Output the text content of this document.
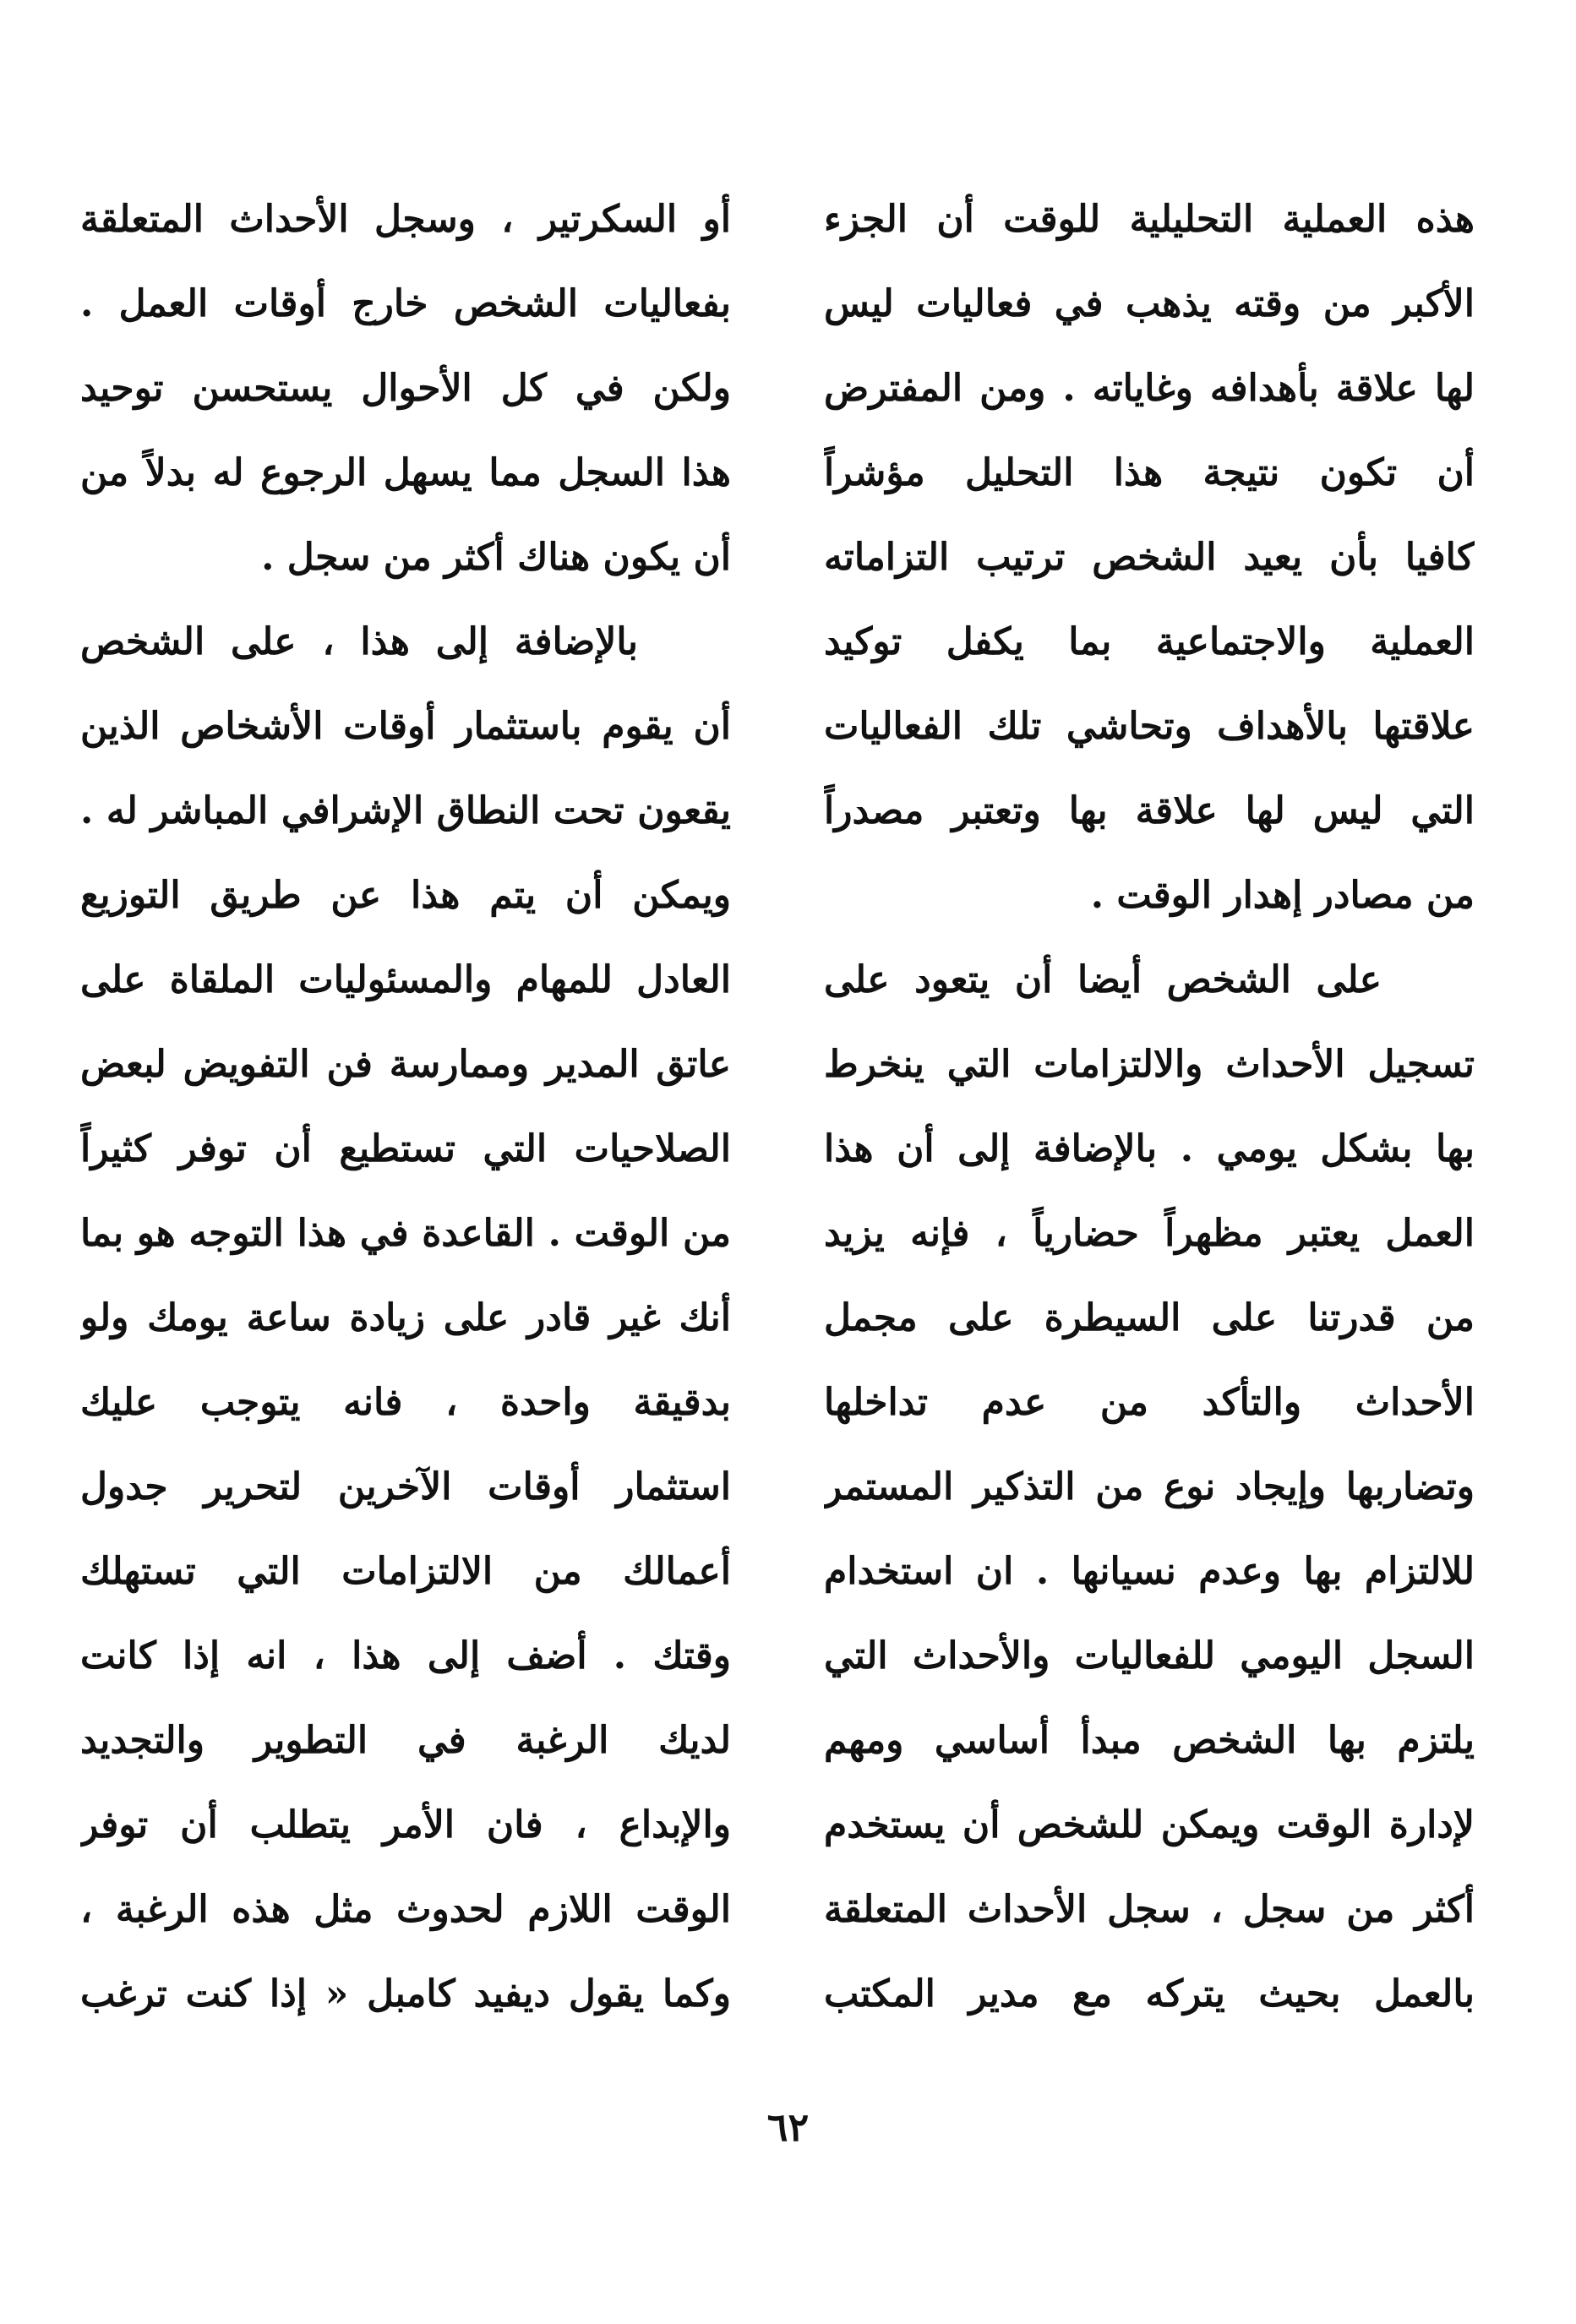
هذه العملية التحليلية للوقت أن الجزء
الأكبر من وقته يذهب في فعاليات ليس
لها علاقة بأهدافه وغاياته . ومن المفترض
أن تكون نتيجة هذا التحليل مؤشراً
كافيا بأن يعيد الشخص ترتيب التزاماته
العملية والاجتماعية بما يكفل توكيد
علاقتها بالأهداف وتحاشي تلك الفعاليات
التي ليس لها علاقة بها وتعتبر مصدراً
من مصادر إهدار الوقت .
على الشخص أيضا أن يتعود على
تسجيل الأحداث والالتزامات التي ينخرط
بها بشكل يومي . بالإضافة إلى أن هذا
العمل يعتبر مظهراً حضارياً ، فإنه يزيد
من قدرتنا على السيطرة على مجمل
الأحداث والتأكد من عدم تداخلها
وتضاربها وإيجاد نوع من التذكير المستمر
للالتزام بها وعدم نسيانها . ان استخدام
السجل اليومي للفعاليات والأحداث التي
يلتزم بها الشخص مبدأ أساسي ومهم
لإدارة الوقت ويمكن للشخص أن يستخدم
أكثر من سجل ، سجل الأحداث المتعلقة
بالعمل بحيث يتركه مع مدير المكتب
أو السكرتير ، وسجل الأحداث المتعلقة
بفعاليات الشخص خارج أوقات العمل .
ولكن في كل الأحوال يستحسن توحيد
هذا السجل مما يسهل الرجوع له بدلاً من
أن يكون هناك أكثر من سجل .
بالإضافة إلى هذا ، على الشخص
أن يقوم باستثمار أوقات الأشخاص الذين
يقعون تحت النطاق الإشرافي المباشر له .
ويمكن أن يتم هذا عن طريق التوزيع
العادل للمهام والمسئوليات الملقاة على
عاتق المدير وممارسة فن التفويض لبعض
الصلاحيات التي تستطيع أن توفر كثيراً
من الوقت . القاعدة في هذا التوجه هو بما
أنك غير قادر على زيادة ساعة يومك ولو
بدقيقة واحدة ، فانه يتوجب عليك
استثمار أوقات الآخرين لتحرير جدول
أعمالك من الالتزامات التي تستهلك
وقتك . أضف إلى هذا ، انه إذا كانت
لديك الرغبة في التطوير والتجديد
والإبداع ، فان الأمر يتطلب أن توفر
الوقت اللازم لحدوث مثل هذه الرغبة ،
وكما يقول ديفيد كامبل « إذا كنت ترغب
٦٢
